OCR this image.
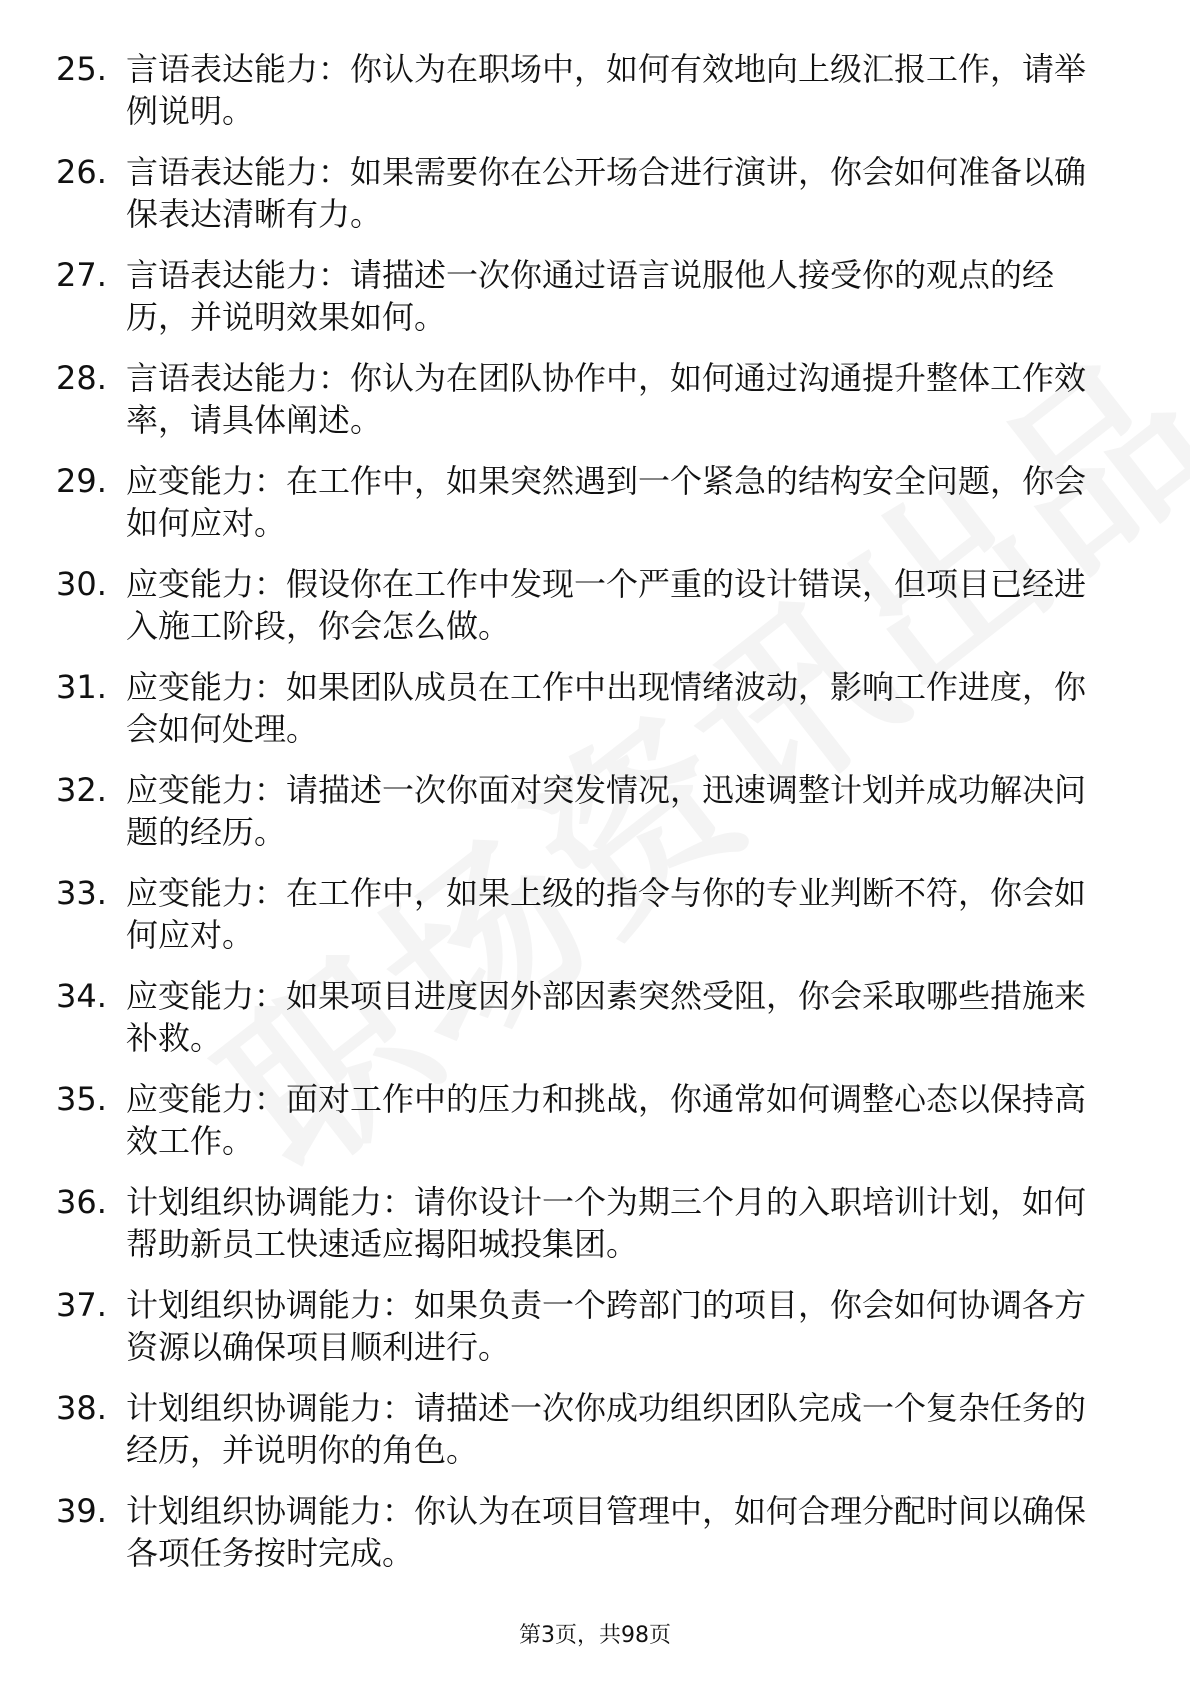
25. 言语表达能力：你认为在职场中，如何有效地向上级汇报工作，请举例说明。
26. 言语表达能力：如果需要你在公开场合进行演讲，你会如何准备以确保表达清晰有力。
27. 言语表达能力：请描述一次你通过语言说服他人接受你的观点的经历，并说明效果如何。
28. 言语表达能力：你认为在团队协作中，如何通过沟通提升整体工作效率，请具体阐述。
29. 应变能力：在工作中，如果突然遇到一个紧急的结构安全问题，你会如何应对。
30. 应变能力：假设你在工作中发现一个严重的设计错误，但项目已经进入施工阶段，你会怎么做。
31. 应变能力：如果团队成员在工作中出现情绪波动，影响工作进度，你会如何处理。
32. 应变能力：请描述一次你面对突发情况，迅速调整计划并成功解决问题的经历。
33. 应变能力：在工作中，如果上级的指令与你的专业判断不符，你会如何应对。
34. 应变能力：如果项目进度因外部因素突然受阻，你会采取哪些措施来补救。
35. 应变能力：面对工作中的压力和挑战，你通常如何调整心态以保持高效工作。
36. 计划组织协调能力：请你设计一个为期三个月的入职培训计划，如何帮助新员工快速适应揭阳城投集团。
37. 计划组织协调能力：如果负责一个跨部门的项目，你会如何协调各方资源以确保项目顺利进行。
38. 计划组织协调能力：请描述一次你成功组织团队完成一个复杂任务的经历，并说明你的角色。
39. 计划组织协调能力：你认为在项目管理中，如何合理分配时间以确保各项任务按时完成。
第3页，共98页
